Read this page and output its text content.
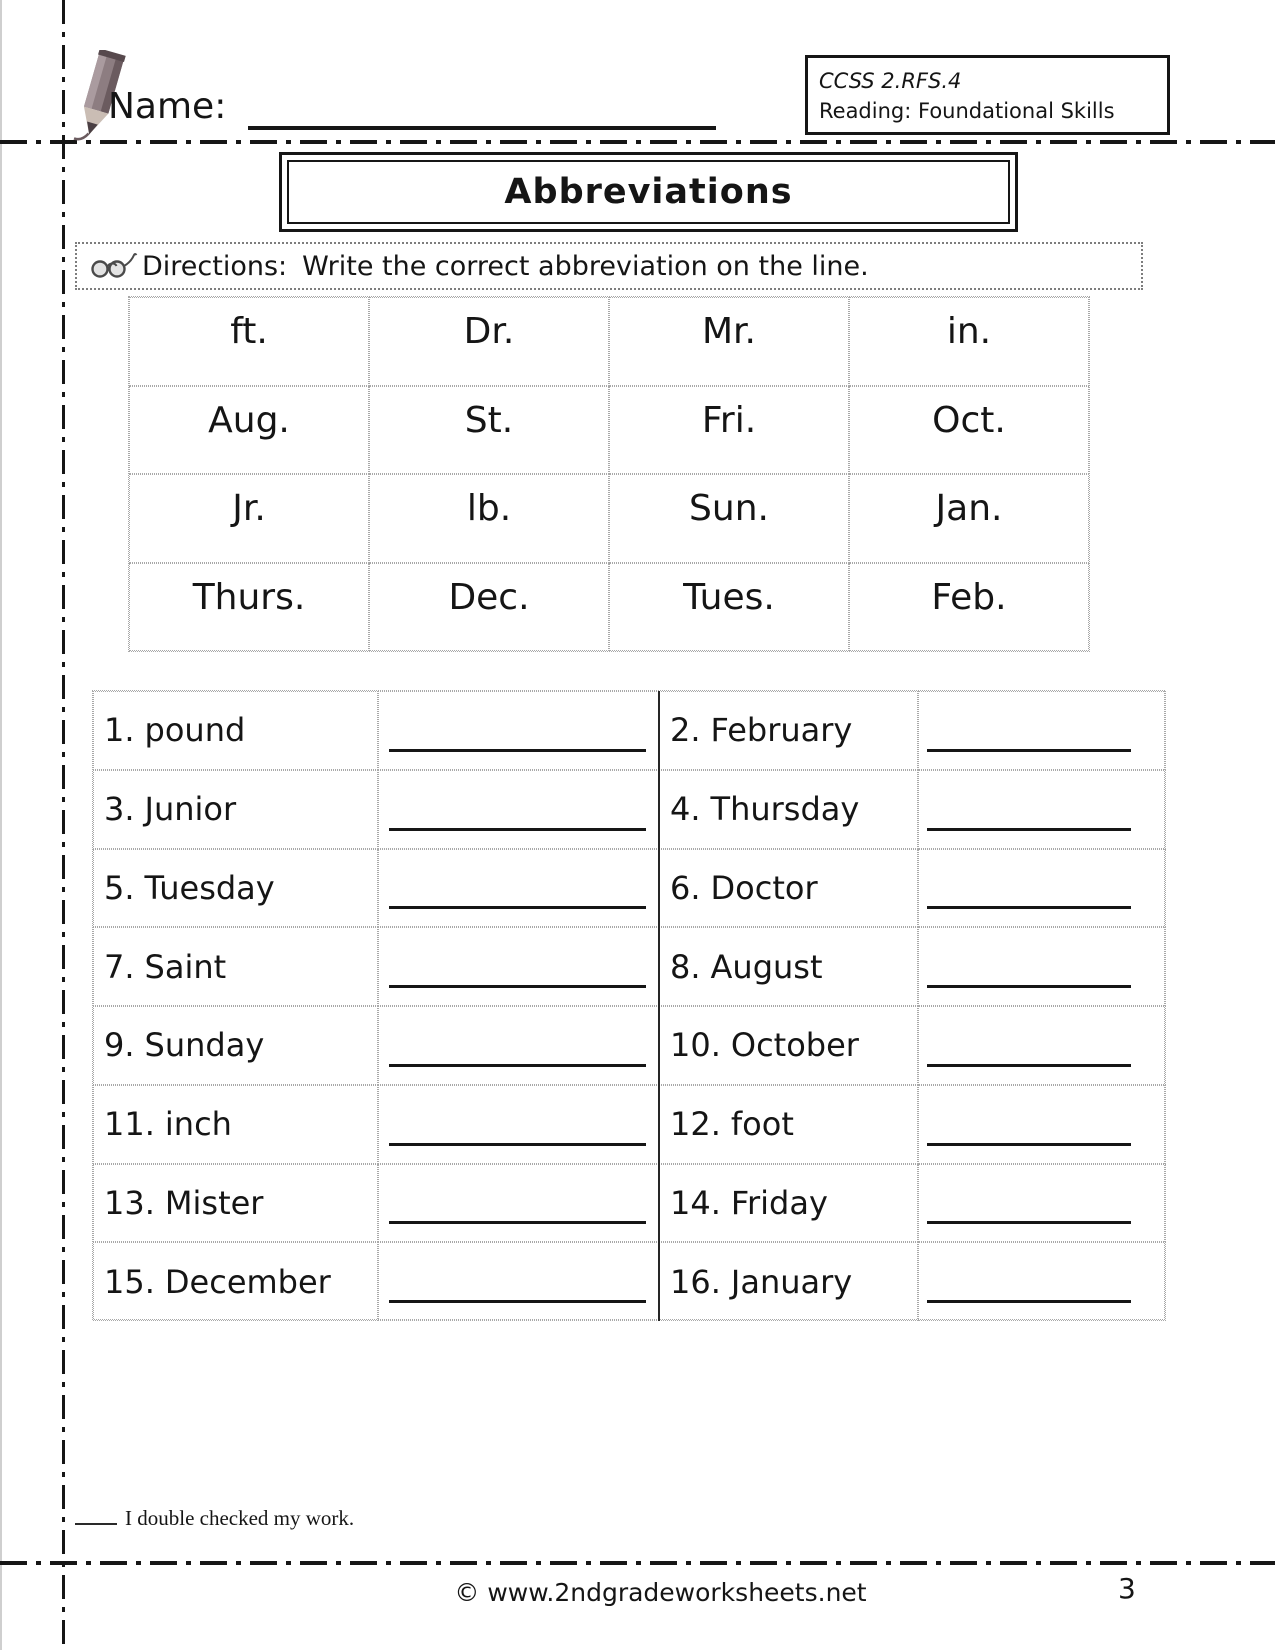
Name:
CCSS 2.RFS.4
Reading: Foundational Skills
Abbreviations
Directions: Write the correct abbreviation on the line.
ft.	Dr.	Mr.	in.
Aug.	St.	Fri.	Oct.
Jr.	lb.	Sun.	Jan.
Thurs.	Dec.	Tues.	Feb.
1. pound	2. February
3. Junior	4. Thursday
5. Tuesday	6. Doctor
7. Saint	8. August
9. Sunday	10. October
11. inch	12. foot
13. Mister	14. Friday
15. December	16. January
I double checked my work.
© www.2ndgradeworksheets.net	3
